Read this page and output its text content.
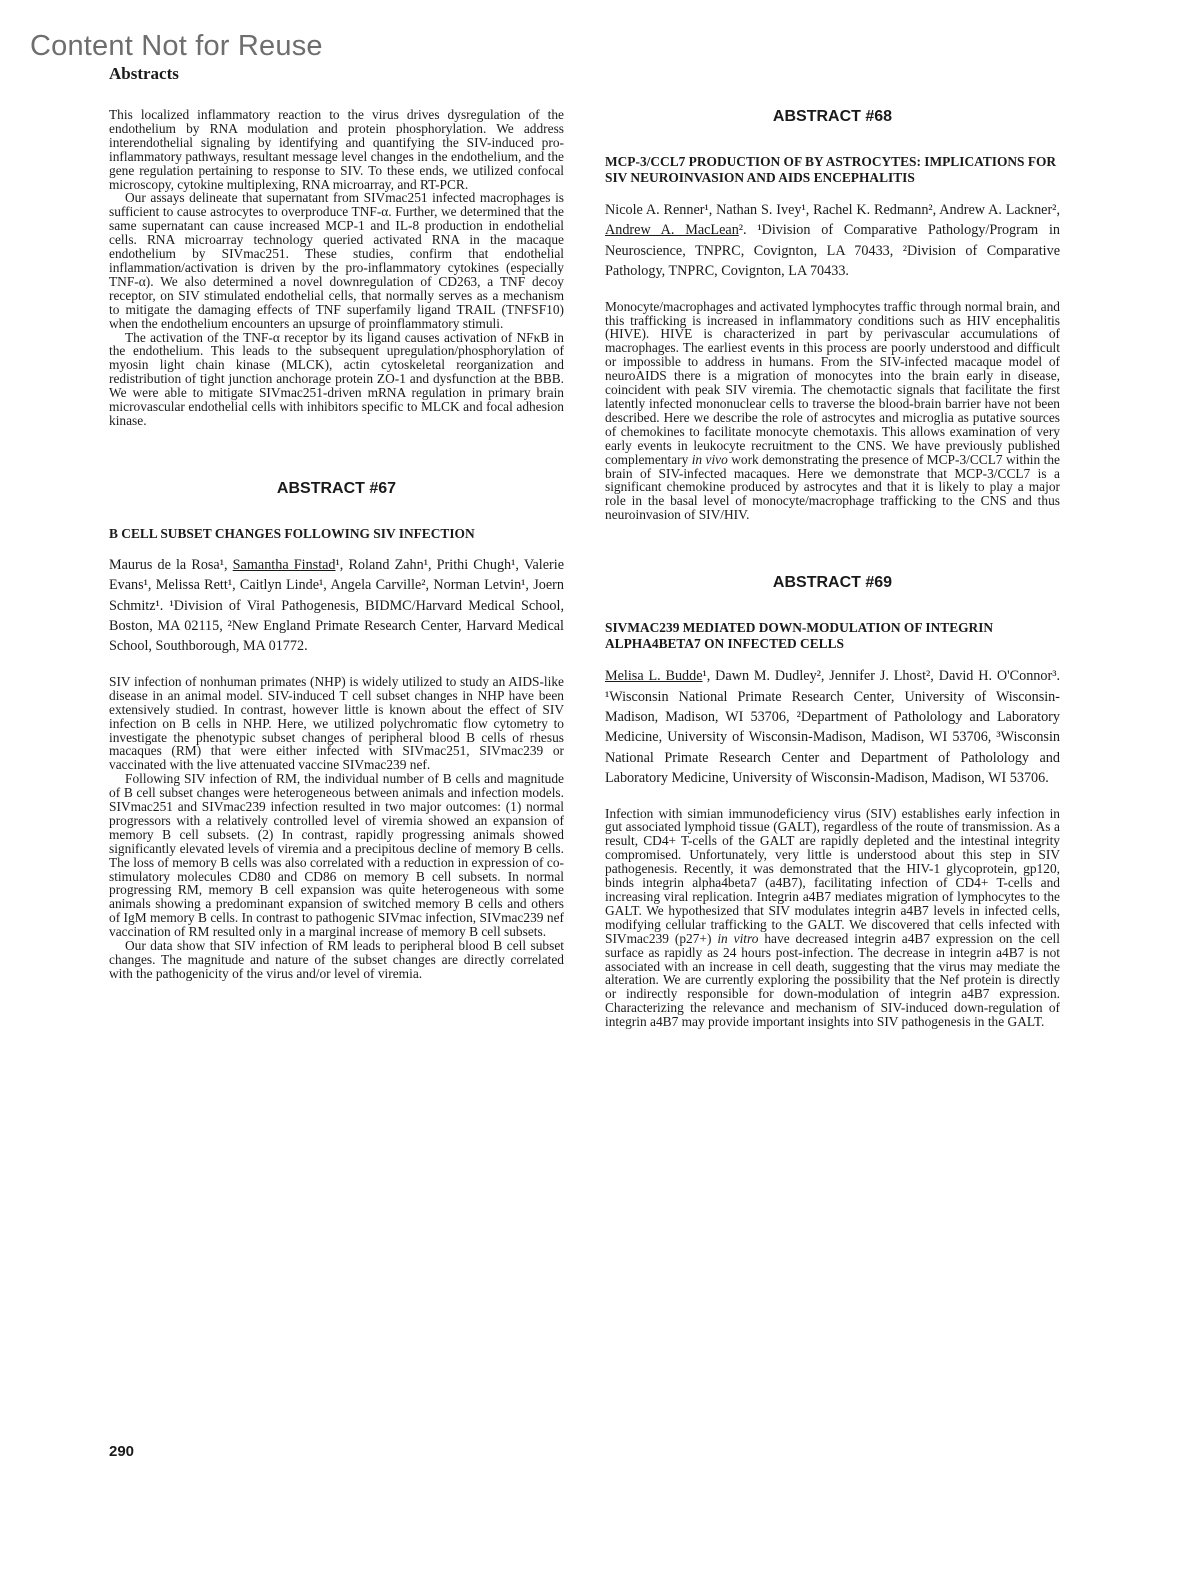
Content Not for Reuse
Abstracts

This localized inflammatory reaction to the virus drives dysregulation of the endothelium by RNA modulation and protein phosphorylation. We address interendothelial signaling by identifying and quantifying the SIV-induced pro-inflammatory pathways, resultant message level changes in the endothelium, and the gene regulation pertaining to response to SIV. To these ends, we utilized confocal microscopy, cytokine multiplexing, RNA microarray, and RT-PCR.

Our assays delineate that supernatant from SIVmac251 infected macrophages is sufficient to cause astrocytes to overproduce TNF-α. Further, we determined that the same supernatant can cause increased MCP-1 and IL-8 production in endothelial cells. RNA microarray technology queried activated RNA in the macaque endothelium by SIVmac251. These studies, confirm that endothelial inflammation/activation is driven by the pro-inflammatory cytokines (especially TNF-α). We also determined a novel downregulation of CD263, a TNF decoy receptor, on SIV stimulated endothelial cells, that normally serves as a mechanism to mitigate the damaging effects of TNF superfamily ligand TRAIL (TNFSF10) when the endothelium encounters an upsurge of proinflammatory stimuli.

The activation of the TNF-α receptor by its ligand causes activation of NFκB in the endothelium. This leads to the subsequent upregulation/phosphorylation of myosin light chain kinase (MLCK), actin cytoskeletal reorganization and redistribution of tight junction anchorage protein ZO-1 and dysfunction at the BBB. We were able to mitigate SIVmac251-driven mRNA regulation in primary brain microvascular endothelial cells with inhibitors specific to MLCK and focal adhesion kinase.

ABSTRACT #67
B CELL SUBSET CHANGES FOLLOWING SIV INFECTION

Maurus de la Rosa¹, Samantha Finstad¹, Roland Zahn¹, Prithi Chugh¹, Valerie Evans¹, Melissa Rett¹, Caitlyn Linde¹, Angela Carville², Norman Letvin¹, Joern Schmitz¹. ¹Division of Viral Pathogenesis, BIDMC/Harvard Medical School, Boston, MA 02115, ²New England Primate Research Center, Harvard Medical School, Southborough, MA 01772.

SIV infection of nonhuman primates (NHP) is widely utilized to study an AIDS-like disease in an animal model. SIV-induced T cell subset changes in NHP have been extensively studied. In contrast, however little is known about the effect of SIV infection on B cells in NHP. Here, we utilized polychromatic flow cytometry to investigate the phenotypic subset changes of peripheral blood B cells of rhesus macaques (RM) that were either infected with SIVmac251, SIVmac239 or vaccinated with the live attenuated vaccine SIVmac239 nef.

Following SIV infection of RM, the individual number of B cells and magnitude of B cell subset changes were heterogeneous between animals and infection models. SIVmac251 and SIVmac239 infection resulted in two major outcomes: (1) normal progressors with a relatively controlled level of viremia showed an expansion of memory B cell subsets. (2) In contrast, rapidly progressing animals showed significantly elevated levels of viremia and a precipitous decline of memory B cells. The loss of memory B cells was also correlated with a reduction in expression of co-stimulatory molecules CD80 and CD86 on memory B cell subsets. In normal progressing RM, memory B cell expansion was quite heterogeneous with some animals showing a predominant expansion of switched memory B cells and others of IgM memory B cells. In contrast to pathogenic SIVmac infection, SIVmac239 nef vaccination of RM resulted only in a marginal increase of memory B cell subsets.

Our data show that SIV infection of RM leads to peripheral blood B cell subset changes. The magnitude and nature of the subset changes are directly correlated with the pathogenicity of the virus and/or level of viremia.

ABSTRACT #68
MCP-3/CCL7 PRODUCTION OF BY ASTROCYTES: IMPLICATIONS FOR SIV NEUROINVASION AND AIDS ENCEPHALITIS

Nicole A. Renner¹, Nathan S. Ivey¹, Rachel K. Redmann², Andrew A. Lackner², Andrew A. MacLean². ¹Division of Comparative Pathology/Program in Neuroscience, TNPRC, Covignton, LA 70433, ²Division of Comparative Pathology, TNPRC, Covignton, LA 70433.

Monocyte/macrophages and activated lymphocytes traffic through normal brain, and this trafficking is increased in inflammatory conditions such as HIV encephalitis (HIVE). HIVE is characterized in part by perivascular accumulations of macrophages. The earliest events in this process are poorly understood and difficult or impossible to address in humans. From the SIV-infected macaque model of neuroAIDS there is a migration of monocytes into the brain early in disease, coincident with peak SIV viremia. The chemotactic signals that facilitate the first latently infected mononuclear cells to traverse the blood-brain barrier have not been described. Here we describe the role of astrocytes and microglia as putative sources of chemokines to facilitate monocyte chemotaxis. This allows examination of very early events in leukocyte recruitment to the CNS. We have previously published complementary in vivo work demonstrating the presence of MCP-3/CCL7 within the brain of SIV-infected macaques. Here we demonstrate that MCP-3/CCL7 is a significant chemokine produced by astrocytes and that it is likely to play a major role in the basal level of monocyte/macrophage trafficking to the CNS and thus neuroinvasion of SIV/HIV.

ABSTRACT #69
SIVMAC239 MEDIATED DOWN-MODULATION OF INTEGRIN ALPHA4BETA7 ON INFECTED CELLS

Melisa L. Budde¹, Dawn M. Dudley², Jennifer J. Lhost², David H. O'Connor³. ¹Wisconsin National Primate Research Center, University of Wisconsin-Madison, Madison, WI 53706, ²Department of Patholology and Laboratory Medicine, University of Wisconsin-Madison, Madison, WI 53706, ³Wisconsin National Primate Research Center and Department of Patholology and Laboratory Medicine, University of Wisconsin-Madison, Madison, WI 53706.

Infection with simian immunodeficiency virus (SIV) establishes early infection in gut associated lymphoid tissue (GALT), regardless of the route of transmission. As a result, CD4+ T-cells of the GALT are rapidly depleted and the intestinal integrity compromised. Unfortunately, very little is understood about this step in SIV pathogenesis. Recently, it was demonstrated that the HIV-1 glycoprotein, gp120, binds integrin alpha4beta7 (a4B7), facilitating infection of CD4+ T-cells and increasing viral replication. Integrin a4B7 mediates migration of lymphocytes to the GALT. We hypothesized that SIV modulates integrin a4B7 levels in infected cells, modifying cellular trafficking to the GALT. We discovered that cells infected with SIVmac239 (p27+) in vitro have decreased integrin a4B7 expression on the cell surface as rapidly as 24 hours post-infection. The decrease in integrin a4B7 is not associated with an increase in cell death, suggesting that the virus may mediate the alteration. We are currently exploring the possibility that the Nef protein is directly or indirectly responsible for down-modulation of integrin a4B7 expression. Characterizing the relevance and mechanism of SIV-induced down-regulation of integrin a4B7 may provide important insights into SIV pathogenesis in the GALT.

290
